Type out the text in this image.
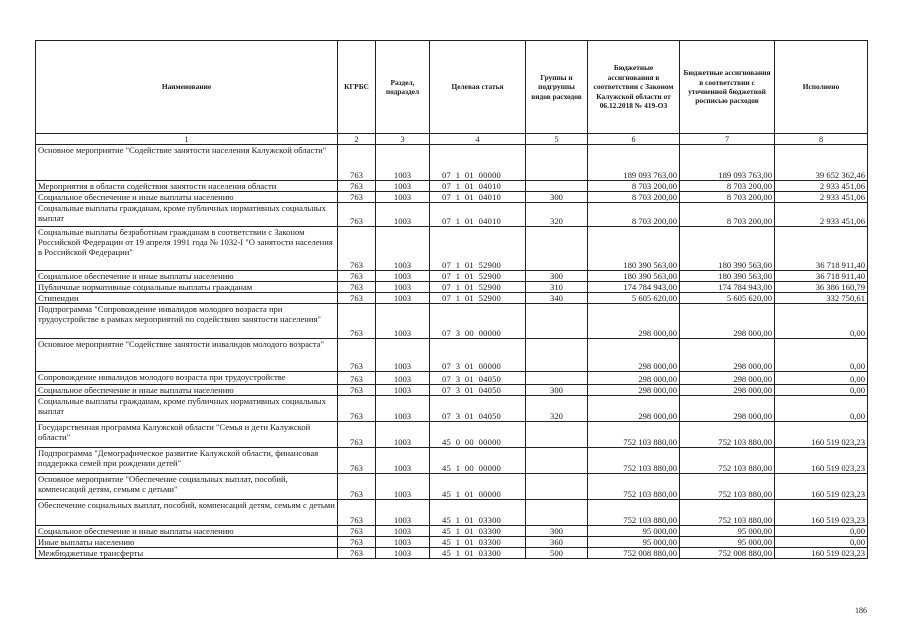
Наименование	КГРБС	Раздел, подраздел	Целевая статья	Группы и подгруппы видов расходов	Бюджетные ассигнования в соответствии с Законом Калужской области от 06.12.2018 № 419-ОЗ	Бюджетные ассигнования в соответствии с уточненной бюджетной росписью расходов	Исполнено
1	2	3	4	5	6	7	8
Основное мероприятие "Содействие занятости населения Калужской области"	763	1003	07  1  01  00000		189 093 763,00	189 093 763,00	39 652 362,46
Мероприятия в области содействия занятости населения области	763	1003	07  1  01  04010		8 703 200,00	8 703 200,00	2 933 451,06
Социальное обеспечение и иные выплаты населению	763	1003	07  1  01  04010	300	8 703 200,00	8 703 200,00	2 933 451,06
Социальные выплаты гражданам, кроме публичных нормативных социальных выплат	763	1003	07  1  01  04010	320	8 703 200,00	8 703 200,00	2 933 451,06
Социальные выплаты безработным гражданам в соответствии с Законом Российской Федерации от 19 апреля 1991 года № 1032-I "О занятости населения в Российской Федерации"	763	1003	07  1  01  52900		180 390 563,00	180 390 563,00	36 718 911,40
Социальное обеспечение и иные выплаты населению	763	1003	07  1  01  52900	300	180 390 563,00	180 390 563,00	36 718 911,40
Публичные нормативные социальные выплаты гражданам	763	1003	07  1  01  52900	310	174 784 943,00	174 784 943,00	36 386 160,79
Стипендии	763	1003	07  1  01  52900	340	5 605 620,00	5 605 620,00	332 750,61
Подпрограмма "Сопровождение инвалидов молодого возраста при трудоустройстве в рамках мероприятий по содействию занятости населения"	763	1003	07  3  00  00000		298 000,00	298 000,00	0,00
Основное мероприятие "Содействие занятости инвалидов молодого возраста"	763	1003	07  3  01  00000		298 000,00	298 000,00	0,00
Сопровождение инвалидов молодого возраста при трудоустройстве	763	1003	07  3  01  04050		298 000,00	298 000,00	0,00
Социальное обеспечение и иные выплаты населению	763	1003	07  3  01  04050	300	298 000,00	298 000,00	0,00
Социальные выплаты гражданам, кроме публичных нормативных социальных выплат	763	1003	07  3  01  04050	320	298 000,00	298 000,00	0,00
Государственная программа Калужской области "Семья и дети Калужской области"	763	1003	45  0  00  00000		752 103 880,00	752 103 880,00	160 519 023,23
Подпрограмма "Демографическое развитие Калужской области, финансовая поддержка семей при рождении детей"	763	1003	45  1  00  00000		752 103 880,00	752 103 880,00	160 519 023,23
Основное мероприятие "Обеспечение социальных выплат, пособий, компенсаций детям, семьям с детьми"	763	1003	45  1  01  00000		752 103 880,00	752 103 880,00	160 519 023,23
Обеспечение социальных выплат, пособий, компенсаций детям, семьям с детьми	763	1003	45  1  01  03300		752 103 880,00	752 103 880,00	160 519 023,23
Социальное обеспечение и иные выплаты населению	763	1003	45  1  01  03300	300	95 000,00	95 000,00	0,00
Иные выплаты населению	763	1003	45  1  01  03300	360	95 000,00	95 000,00	0,00
Межбюджетные трансферты	763	1003	45  1  01  03300	500	752 008 880,00	752 008 880,00	160 519 023,23
186
